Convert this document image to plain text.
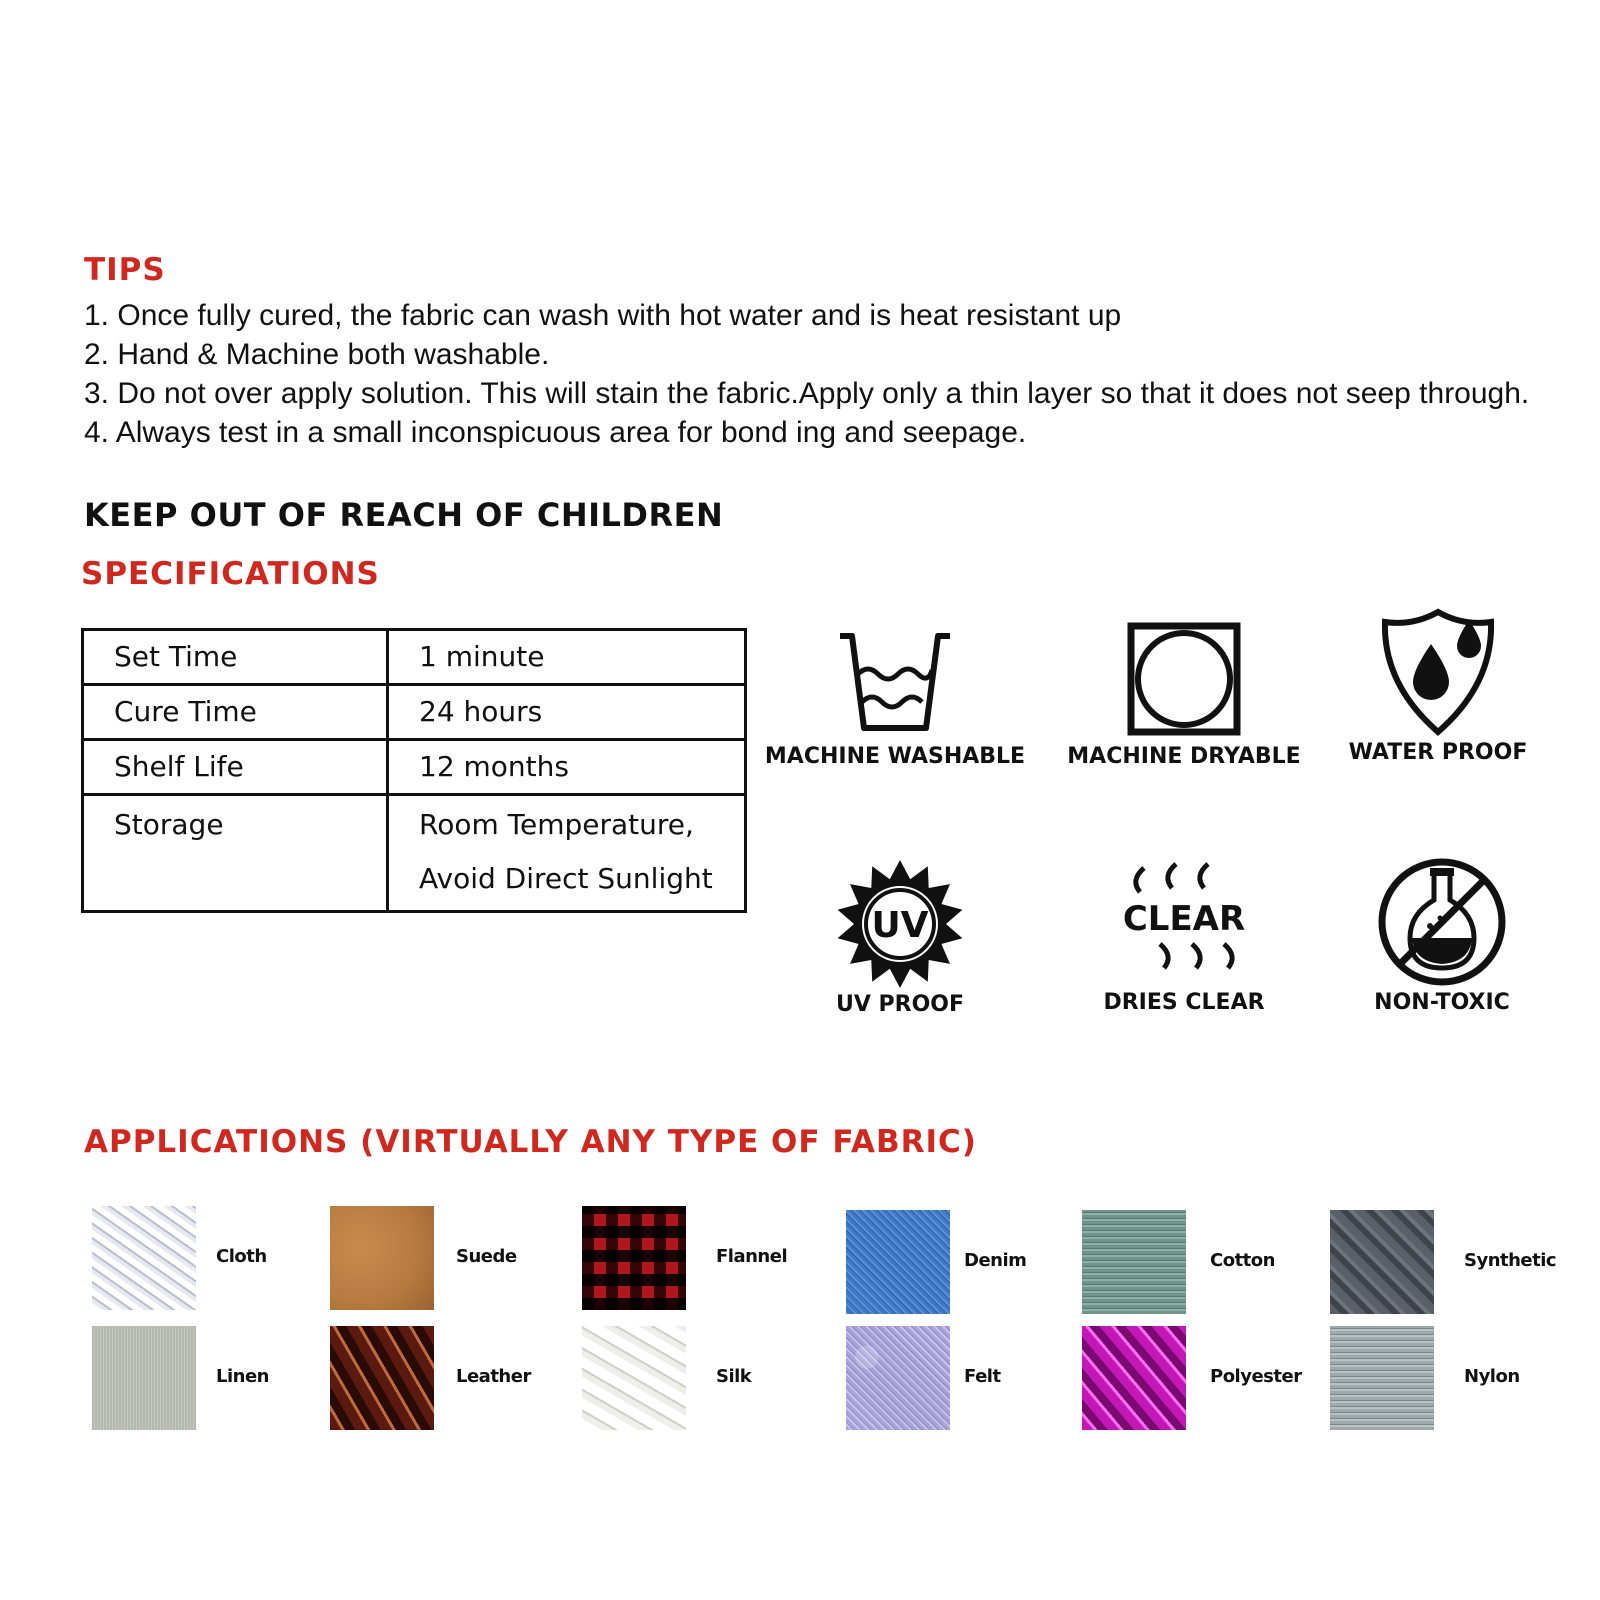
TIPS
1. Once fully cured, the fabric can wash with hot water and is heat resistant up
2. Hand & Machine both washable.
3. Do not over apply solution. This will stain the fabric.Apply only a thin layer so that it does not seep through.
4. Always test in a small inconspicuous area for bond ing and seepage.
KEEP OUT OF REACH OF CHILDREN
SPECIFICATIONS
Set Time	1 minute
Cure Time	24 hours
Shelf Life	12 months
Storage	Room Temperature,
Avoid Direct Sunlight
MACHINE WASHABLE	MACHINE DRYABLE	WATER PROOF
UV
UV PROOF
CLEAR
DRIES CLEAR	NON-TOXIC
APPLICATIONS (VIRTUALLY ANY TYPE OF FABRIC)
Cloth	Suede	Flannel	Denim	Cotton	Synthetic
Linen	Leather	Silk	Felt	Polyester	Nylon
